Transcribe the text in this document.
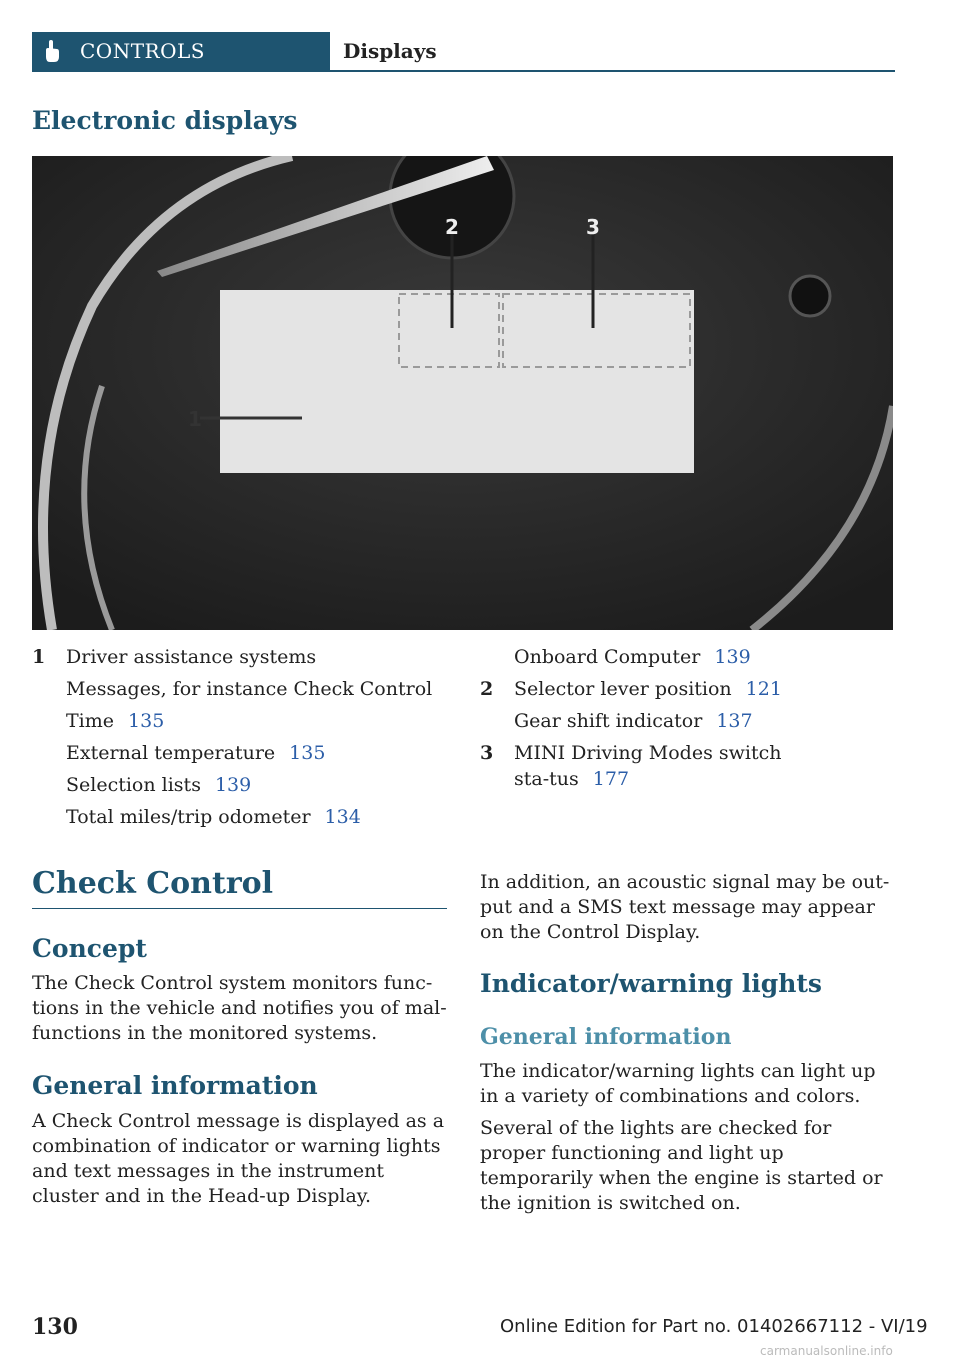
CONTROLS	Displays
Electronic displays
1
2	3
1 Driver assistance systems
Messages, for instance Check Control
Time 135
External temperature 135
Selection lists 139
Total miles/trip odometer 134
Onboard Computer 139
2 Selector lever position 121
Gear shift indicator 137
3 MINI Driving Modes switch sta-tus 177
Check Control
Concept

The Check Control system monitors func-tions in the vehicle and notifies you of mal-functions in the monitored systems.

General information

A Check Control message is displayed as a combination of indicator or warning lights and text messages in the instrument cluster and in the Head-up Display.

In addition, an acoustic signal may be out-put and a SMS text message may appear on the Control Display.

Indicator/warning lights
General information

The indicator/warning lights can light up in a variety of combinations and colors.

Several of the lights are checked for proper functioning and light up temporarily when the engine is started or the ignition is switched on.

130	Online Edition for Part no. 01402667112 - VI/19
carmanualsonline.info
